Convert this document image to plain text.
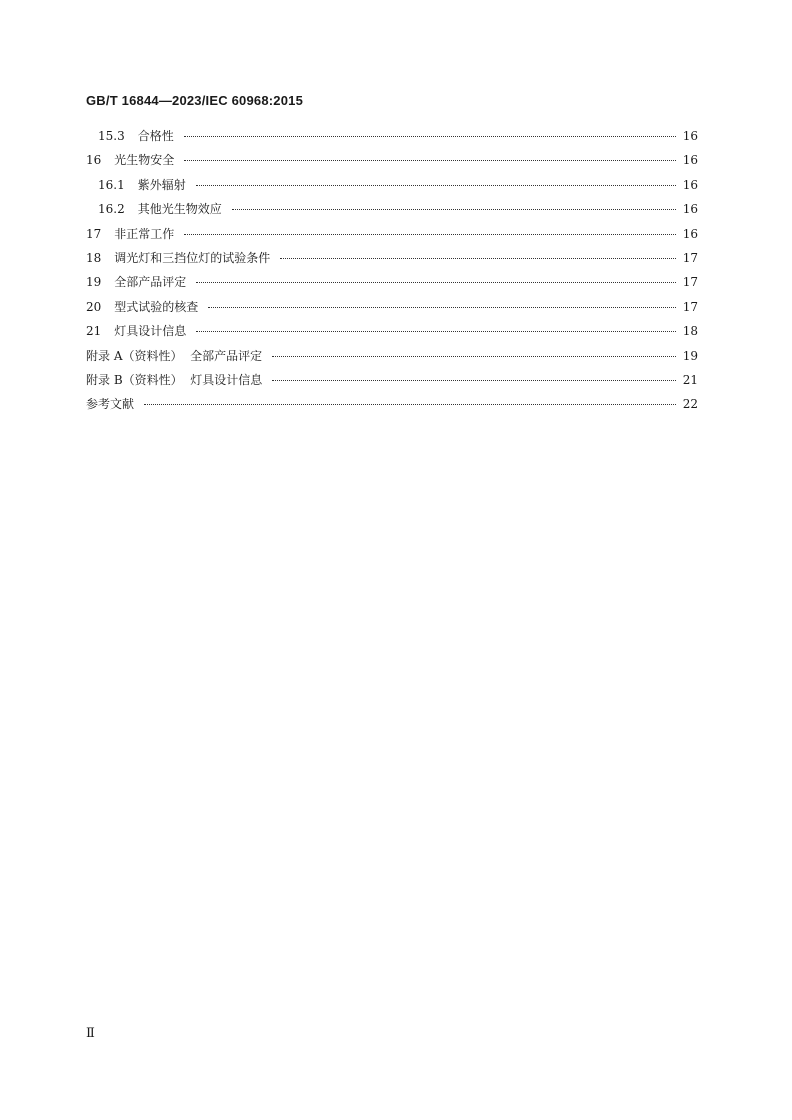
GB/T 16844—2023/IEC 60968:2015
15.3 合格性	16
16 光生物安全	16
16.1 紫外辐射	16
16.2 其他光生物效应	16
17 非正常工作	16
18 调光灯和三挡位灯的试验条件	17
19 全部产品评定	17
20 型式试验的核查	17
21 灯具设计信息	18
附录 A（资料性）  全部产品评定	19
附录 B（资料性）  灯具设计信息	21
参考文献	22
Ⅱ
